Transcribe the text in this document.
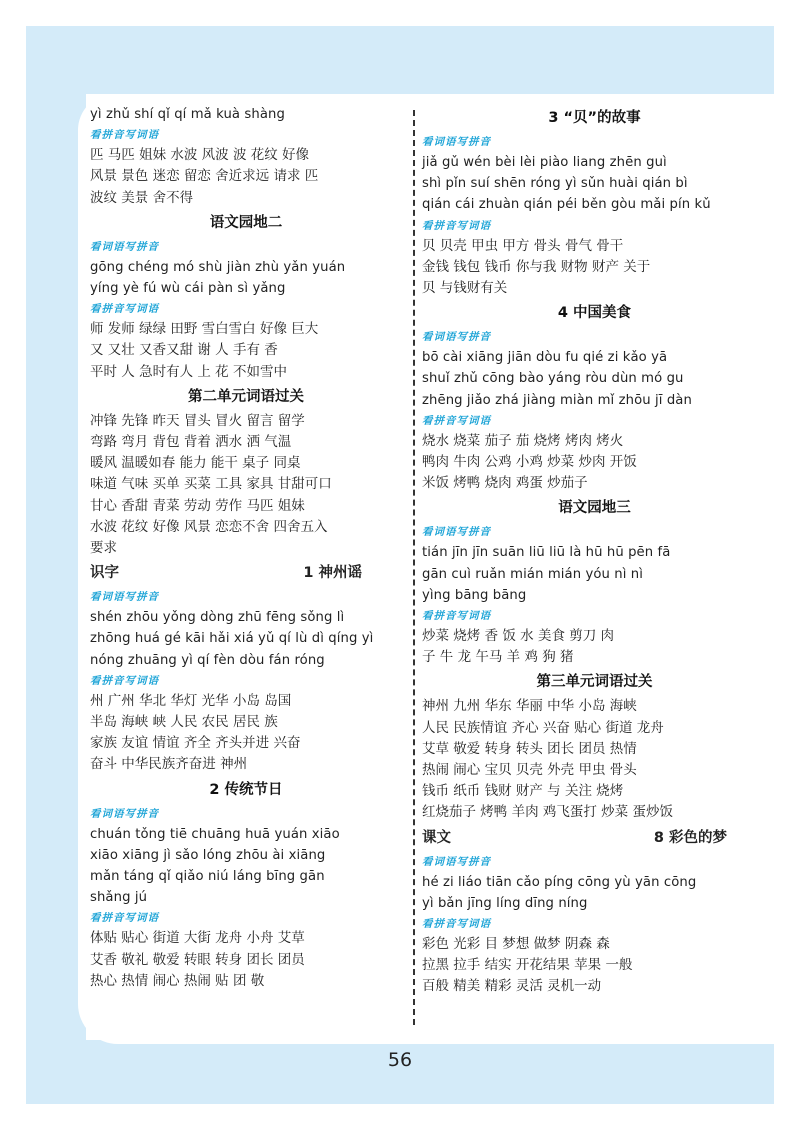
yì zhǔ shí qǐ qí mǎ kuà shàng
看拼音写词语
匹 马匹 姐妹 水波 风波 波 花纹 好像
风景 景色 迷恋 留恋 舍近求远 请求 匹
波纹 美景 舍不得
语文园地二
看词语写拼音
gōng chéng mó shù jiàn zhù yǎn yuán
yíng yè fú wù cái pàn sì yǎng
看拼音写词语
师 发师 绿绿 田野 雪白雪白 好像 巨大
又 又壮 又香又甜 谢 人 手有 香
平时 人 急时有人 上 花 不如雪中
第二单元词语过关
冲锋 先锋 昨天 冒头 冒火 留言 留学
弯路 弯月 背包 背着 洒水 洒 气温
暖风 温暖如春 能力 能干 桌子 同桌
味道 气味 买单 买菜 工具 家具 甘甜可口
甘心 香甜 青菜 劳动 劳作 马匹 姐妹
水波 花纹 好像 风景 恋恋不舍 四舍五入
要求
识字	1 神州谣
看词语写拼音
shén zhōu yǒng dòng zhū fēng sǒng lì
zhōng huá gé kāi hǎi xiá yǔ qí lù dì qíng yì
nóng zhuāng yì qí fèn dòu fán róng
看拼音写词语
州 广州 华北 华灯 光华 小岛 岛国
半岛 海峡 峡 人民 农民 居民 族
家族 友谊 情谊 齐全 齐头并进 兴奋
奋斗 中华民族齐奋进 神州
2 传统节日
看词语写拼音
chuán tǒng tiē chuāng huā yuán xiāo
xiāo xiāng jì sǎo lóng zhōu ài xiāng
mǎn táng qǐ qiǎo niú láng bīng gān
shǎng jú
看拼音写词语
体贴 贴心 街道 大街 龙舟 小舟 艾草
艾香 敬礼 敬爱 转眼 转身 团长 团员
热心 热情 闹心 热闹 贴 团 敬
3 “贝”的故事
看词语写拼音
jiǎ gǔ wén bèi lèi piào liang zhēn guì
shì pǐn suí shēn róng yì sǔn huài qián bì
qián cái zhuàn qián péi běn gòu mǎi pín kǔ
看拼音写词语
贝 贝壳 甲虫 甲方 骨头 骨气 骨干
金钱 钱包 钱币 你与我 财物 财产 关于
贝 与钱财有关
4 中国美食
看词语写拼音
bō cài xiāng jiān dòu fu qié zi kǎo yā
shuǐ zhǔ cōng bào yáng ròu dùn mó gu
zhēng jiǎo zhá jiàng miàn mǐ zhōu jī dàn
看拼音写词语
烧水 烧菜 茄子 茄 烧烤 烤肉 烤火
鸭肉 牛肉 公鸡 小鸡 炒菜 炒肉 开饭
米饭 烤鸭 烧肉 鸡蛋 炒茄子
语文园地三
看词语写拼音
tián jīn jīn suān liū liū là hū hū pēn fā
gān cuì ruǎn mián mián yóu nì nì
yìng bāng bāng
看拼音写词语
炒菜 烧烤 香 饭 水 美食 剪刀 肉
子 牛 龙 午马 羊 鸡 狗 猪
第三单元词语过关
神州 九州 华东 华丽 中华 小岛 海峡
人民 民族情谊 齐心 兴奋 贴心 街道 龙舟
艾草 敬爱 转身 转头 团长 团员 热情
热闹 闹心 宝贝 贝壳 外壳 甲虫 骨头
钱币 纸币 钱财 财产 与 关注 烧烤
红烧茄子 烤鸭 羊肉 鸡飞蛋打 炒菜 蛋炒饭
课文	8 彩色的梦
看词语写拼音
hé zi liáo tiān cǎo píng cōng yù yān cōng
yì bǎn jīng líng dīng níng
看拼音写词语
彩色 光彩 目 梦想 做梦 阴森 森
拉黑 拉手 结实 开花结果 苹果 一般
百般 精美 精彩 灵活 灵机一动
56
